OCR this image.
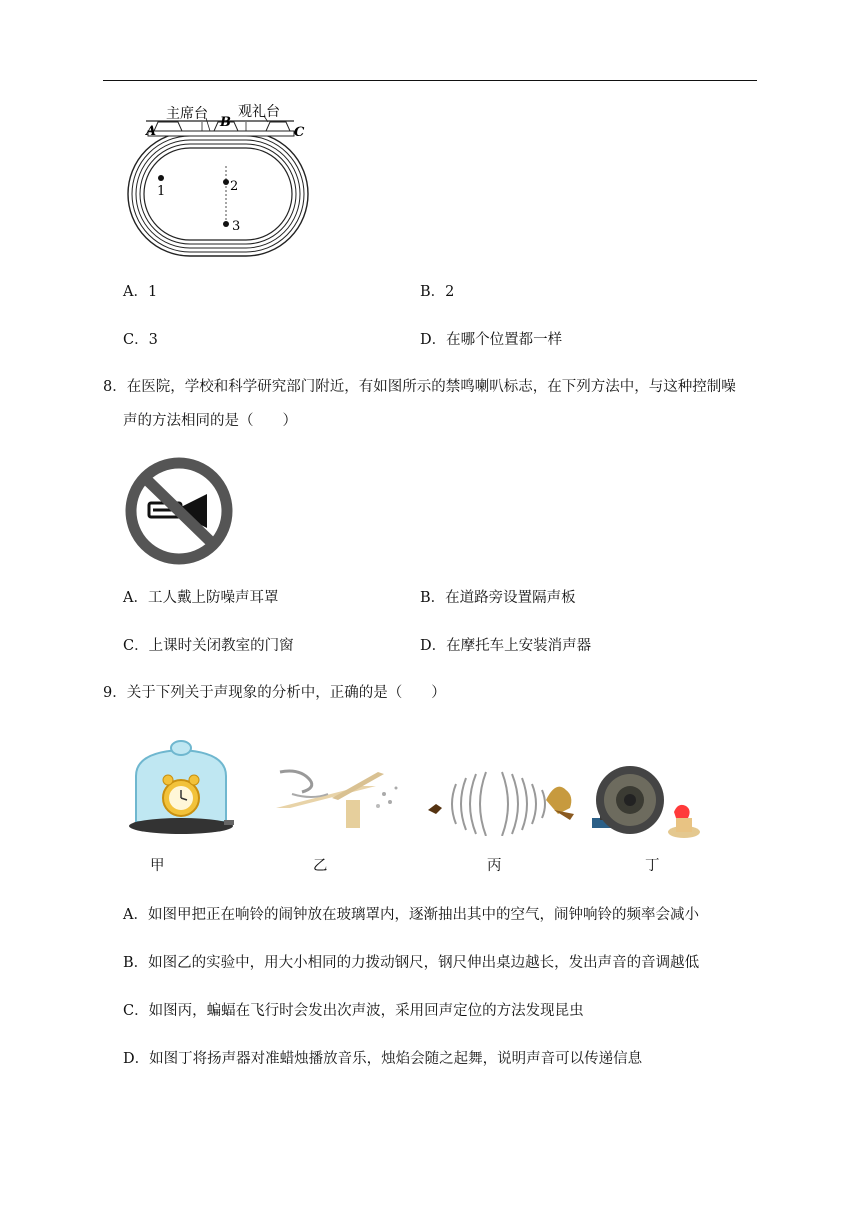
主席台 观礼台
A
B
C
1	2
3
A．1	B．2
C．3	D．在哪个位置都一样
8．在医院，学校和科学研究部门附近，有如图所示的禁鸣喇叭标志，在下列方法中，与这种控制噪
声的方法相同的是（　　）
A．工人戴上防噪声耳罩	B．在道路旁设置隔声板
C．上课时关闭教室的门窗	D．在摩托车上安装消声器
9．关于下列关于声现象的分析中，正确的是（　　）
甲	乙	丙	丁
A．如图甲把正在响铃的闹钟放在玻璃罩内，逐渐抽出其中的空气，闹钟响铃的频率会减小
B．如图乙的实验中，用大小相同的力拨动钢尺，钢尺伸出桌边越长，发出声音的音调越低
C．如图丙，蝙蝠在飞行时会发出次声波，采用回声定位的方法发现昆虫
D．如图丁将扬声器对准蜡烛播放音乐，烛焰会随之起舞，说明声音可以传递信息
